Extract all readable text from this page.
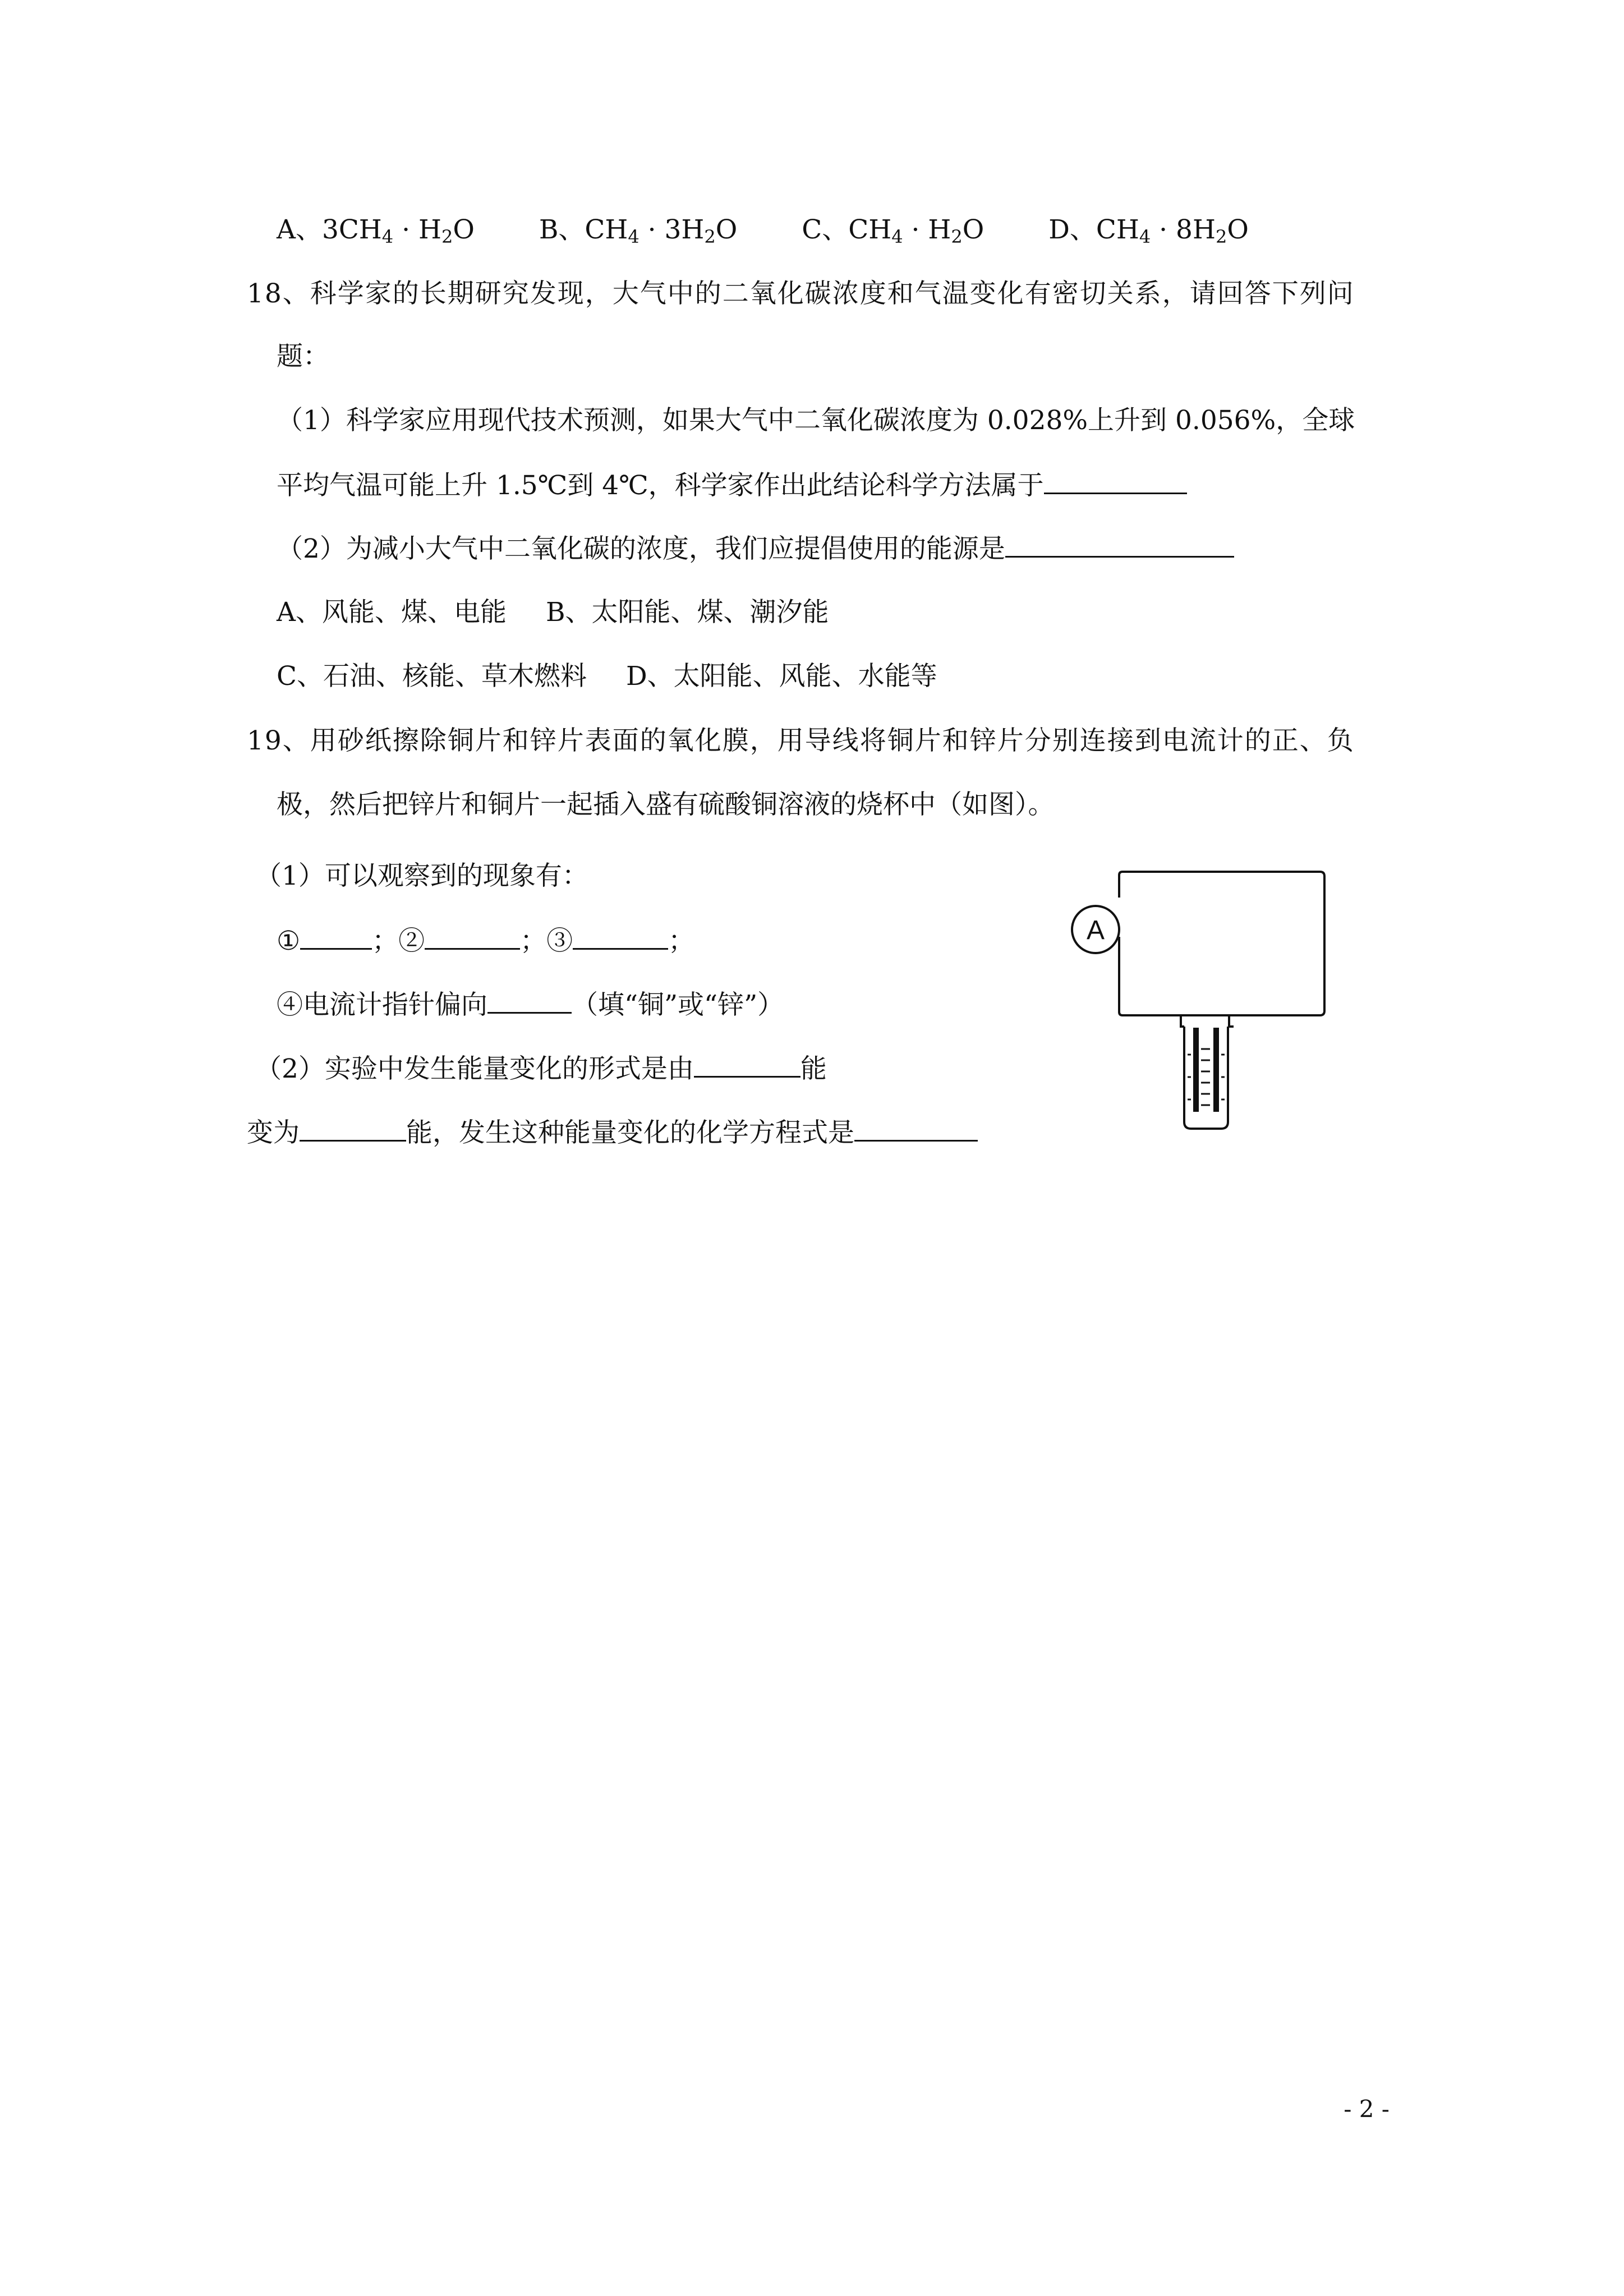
A、$3CH_4 \cdot H_2O$ B、$CH_4 \cdot 3H_2O$ C、$CH_4 \cdot H_2O$ D、$CH_4 \cdot 8H_2O$
18、科学家的长期研究发现，大气中的二氧化碳浓度和气温变化有密切关系，请回答下列问
题：
（1）科学家应用现代技术预测，如果大气中二氧化碳浓度为 0.028%上升到 0.056%，全球
平均气温可能上升 1.5℃到 4℃，科学家作出此结论科学方法属于
（2）为减小大气中二氧化碳的浓度，我们应提倡使用的能源是
A、风能、煤、电能 B、太阳能、煤、潮汐能
C、石油、核能、草木燃料 D、太阳能、风能、水能等
19、用砂纸擦除铜片和锌片表面的氧化膜，用导线将铜片和锌片分别连接到电流计的正、负
极，然后把锌片和铜片一起插入盛有硫酸铜溶液的烧杯中（如图）。
（1）可以观察到的现象有：
①	；②	；③	；
④电流计指针偏向	（填“铜”或“锌”）
（2）实验中发生能量变化的形式是由	能
变为	能，发生这种能量变化的化学方程式是
A
- 2 -
